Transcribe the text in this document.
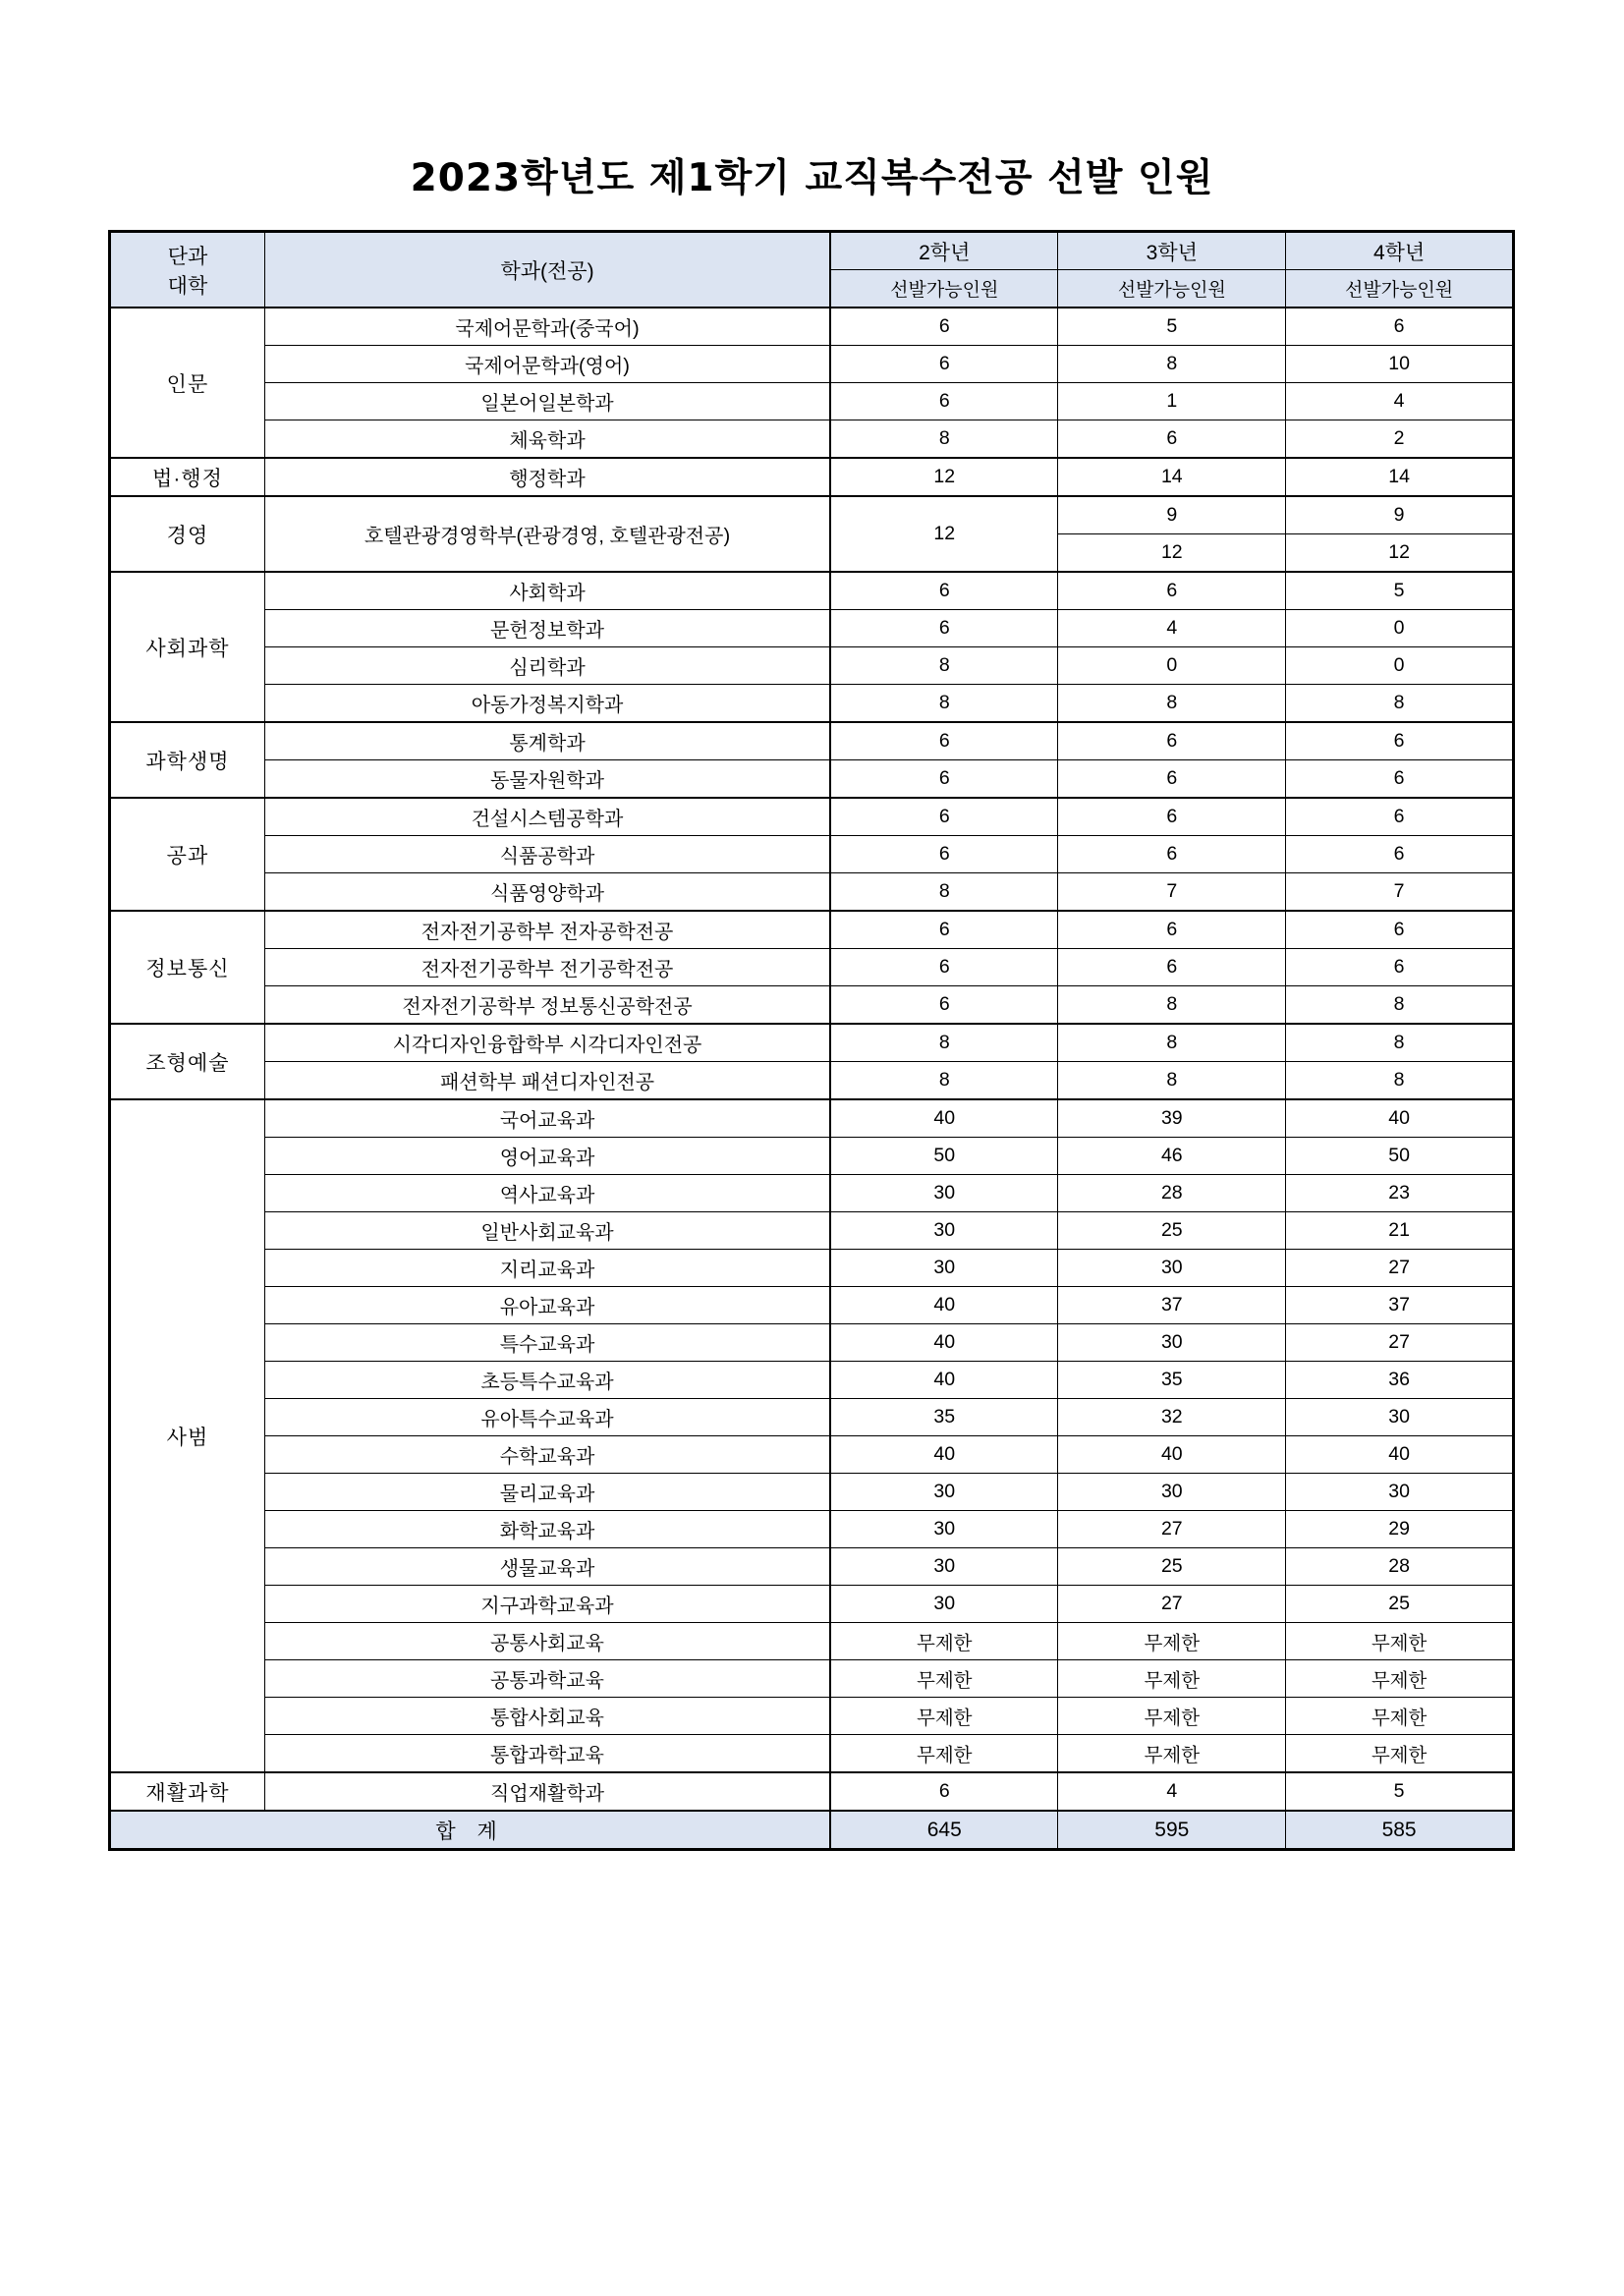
2023학년도 제1학기 교직복수전공 선발 인원
단과
대학	학과(전공)	2학년	3학년	4학년
		선발가능인원	선발가능인원	선발가능인원
인문	국제어문학과(중국어)	6	5	6
	국제어문학과(영어)	6	8	10
	일본어일본학과	6	1	4
	체육학과	8	6	2
법·행정	행정학과	12	14	14
경영	호텔관광경영학부(관광경영, 호텔관광전공)	12	9	9
			12	12
사회과학	사회학과	6	6	5
	문헌정보학과	6	4	0
	심리학과	8	0	0
	아동가정복지학과	8	8	8
과학생명	통계학과	6	6	6
	동물자원학과	6	6	6
공과	건설시스템공학과	6	6	6
	식품공학과	6	6	6
	식품영양학과	8	7	7
정보통신	전자전기공학부 전자공학전공	6	6	6
	전자전기공학부 전기공학전공	6	6	6
	전자전기공학부 정보통신공학전공	6	8	8
조형예술	시각디자인융합학부 시각디자인전공	8	8	8
	패션학부 패션디자인전공	8	8	8
사범	국어교육과	40	39	40
	영어교육과	50	46	50
	역사교육과	30	28	23
	일반사회교육과	30	25	21
	지리교육과	30	30	27
	유아교육과	40	37	37
	특수교육과	40	30	27
	초등특수교육과	40	35	36
	유아특수교육과	35	32	30
	수학교육과	40	40	40
	물리교육과	30	30	30
	화학교육과	30	27	29
	생물교육과	30	25	28
	지구과학교육과	30	27	25
	공통사회교육	무제한	무제한	무제한
	공통과학교육	무제한	무제한	무제한
	통합사회교육	무제한	무제한	무제한
	통합과학교육	무제한	무제한	무제한
재활과학	직업재활학과	6	4	5
합 계		645	595	585
